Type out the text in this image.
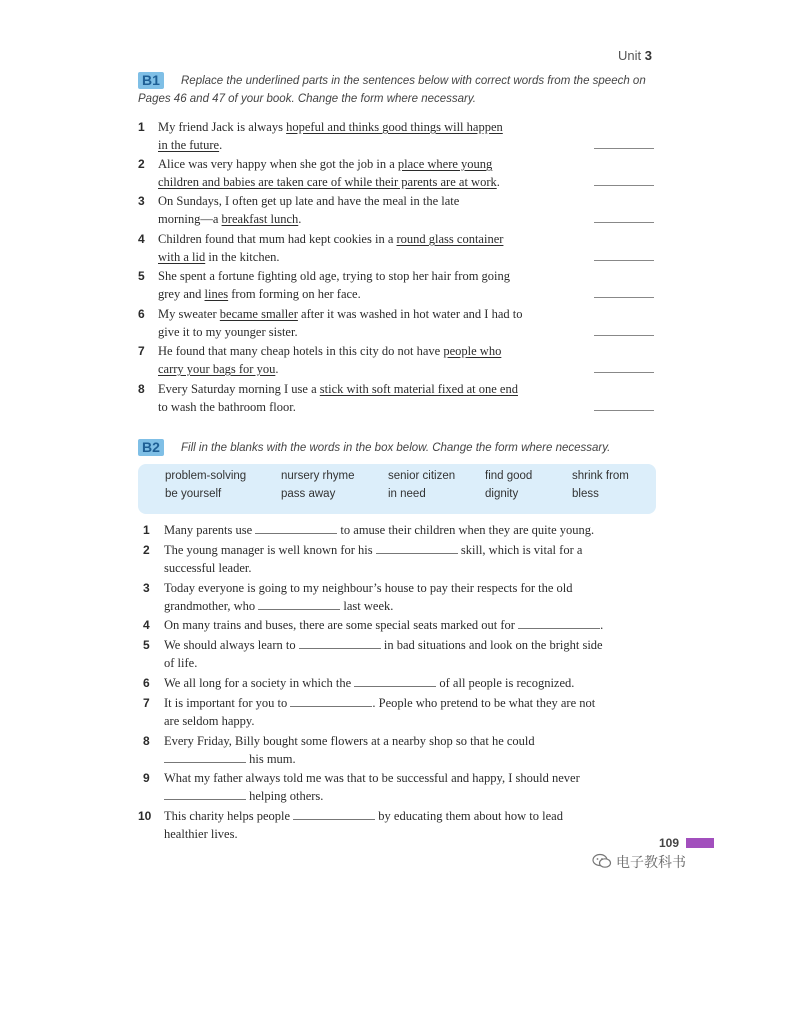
Unit 3
B1	Replace the underlined parts in the sentences below with correct words from the speech on
Pages 46 and 47 of your book. Change the form where necessary.
1 My friend Jack is always hopeful and thinks good things will happen
in the future.
2 Alice was very happy when she got the job in a place where young
children and babies are taken care of while their parents are at work.
3 On Sundays, I often get up late and have the meal in the late
morning—a breakfast lunch.
4 Children found that mum had kept cookies in a round glass container
with a lid in the kitchen.
5 She spent a fortune fighting old age, trying to stop her hair from going
grey and lines from forming on her face.
6 My sweater became smaller after it was washed in hot water and I had to
give it to my younger sister.
7 He found that many cheap hotels in this city do not have people who
carry your bags for you.
8 Every Saturday morning I use a stick with soft material fixed at one end
to wash the bathroom floor.
B2	Fill in the blanks with the words in the box below. Change the form where necessary.
problem-solving	nursery rhyme	senior citizen	find good	shrink from
be yourself	pass away	in need	dignity	bless
1 Many parents use	to amuse their children when they are quite young.
2 The young manager is well known for his	skill, which is vital for a
successful leader.
3 Today everyone is going to my neighbour’s house to pay their respects for the old
grandmother, who	last week.
4 On many trains and buses, there are some special seats marked out for	.
5 We should always learn to	in bad situations and look on the bright side
of life.
6 We all long for a society in which the	of all people is recognized.
7 It is important for you to	. People who pretend to be what they are not
are seldom happy.
8 Every Friday, Billy bought some flowers at a nearby shop so that he could
his mum.
9 What my father always told me was that to be successful and happy, I should never
helping others.
10 This charity helps people	by educating them about how to lead
healthier lives.
109
电子教科书
